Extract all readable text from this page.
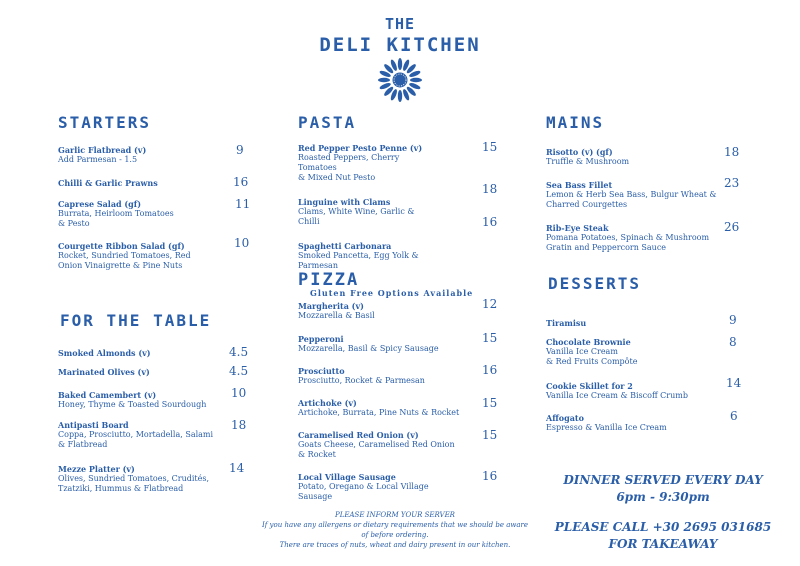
THE
DELI KITCHEN
STARTERS
Garlic Flatbread (v)
Add Parmesan - 1.5
9
Chilli & Garlic Prawns	16
Caprese Salad (gf)
Burrata, Heirloom Tomatoes
& Pesto
11
Courgette Ribbon Salad (gf)
Rocket, Sundried Tomatoes, Red
Onion Vinaigrette & Pine Nuts
10
FOR THE TABLE
Smoked Almonds (v)	4.5
Marinated Olives (v)	4.5
Baked Camembert (v)
Honey, Thyme & Toasted Sourdough
10
Antipasti Board
Coppa, Prosciutto, Mortadella, Salami
& Flatbread
18
Mezze Platter (v)
Olives, Sundried Tomatoes, Crudités,
Tzatziki, Hummus & Flatbread
14
PASTA
Red Pepper Pesto Penne (v)
Roasted Peppers, Cherry
Tomatoes
& Mixed Nut Pesto
15
18
Linguine with Clams
Clams, White Wine, Garlic &
Chilli	16
Spaghetti Carbonara
Smoked Pancetta, Egg Yolk &
Parmesan
PIZZA
Gluten Free Options Available
Margherita (v)
Mozzarella & Basil
12
Pepperoni
Mozzarella, Basil & Spicy Sausage
15
Prosciutto
Prosciutto, Rocket & Parmesan
16
Artichoke (v)
Artichoke, Burrata, Pine Nuts & Rocket
15
Caramelised Red Onion (v)
Goats Cheese, Caramelised Red Onion
& Rocket
15
Local Village Sausage
Potato, Oregano & Local Village
Sausage
16
PLEASE INFORM YOUR SERVER
If you have any allergens or dietary requirements that we should be aware
of before ordering.
There are traces of nuts, wheat and dairy present in our kitchen.
MAINS
Risotto (v) (gf)
Truffle & Mushroom
18
Sea Bass Fillet
Lemon & Herb Sea Bass, Bulgur Wheat &
Charred Courgettes
23
Rib-Eye Steak
Pomana Potatoes, Spinach & Mushroom
Gratin and Peppercorn Sauce
26
DESSERTS
Tiramisu	9
Chocolate Brownie
Vanilla Ice Cream
& Red Fruits Compôte
8
Cookie Skillet for 2
Vanilla Ice Cream & Biscoff Crumb
14
Affogato
Espresso & Vanilla Ice Cream
6
DINNER SERVED EVERY DAY
6pm - 9:30pm
PLEASE CALL +30 2695 031685
FOR TAKEAWAY
